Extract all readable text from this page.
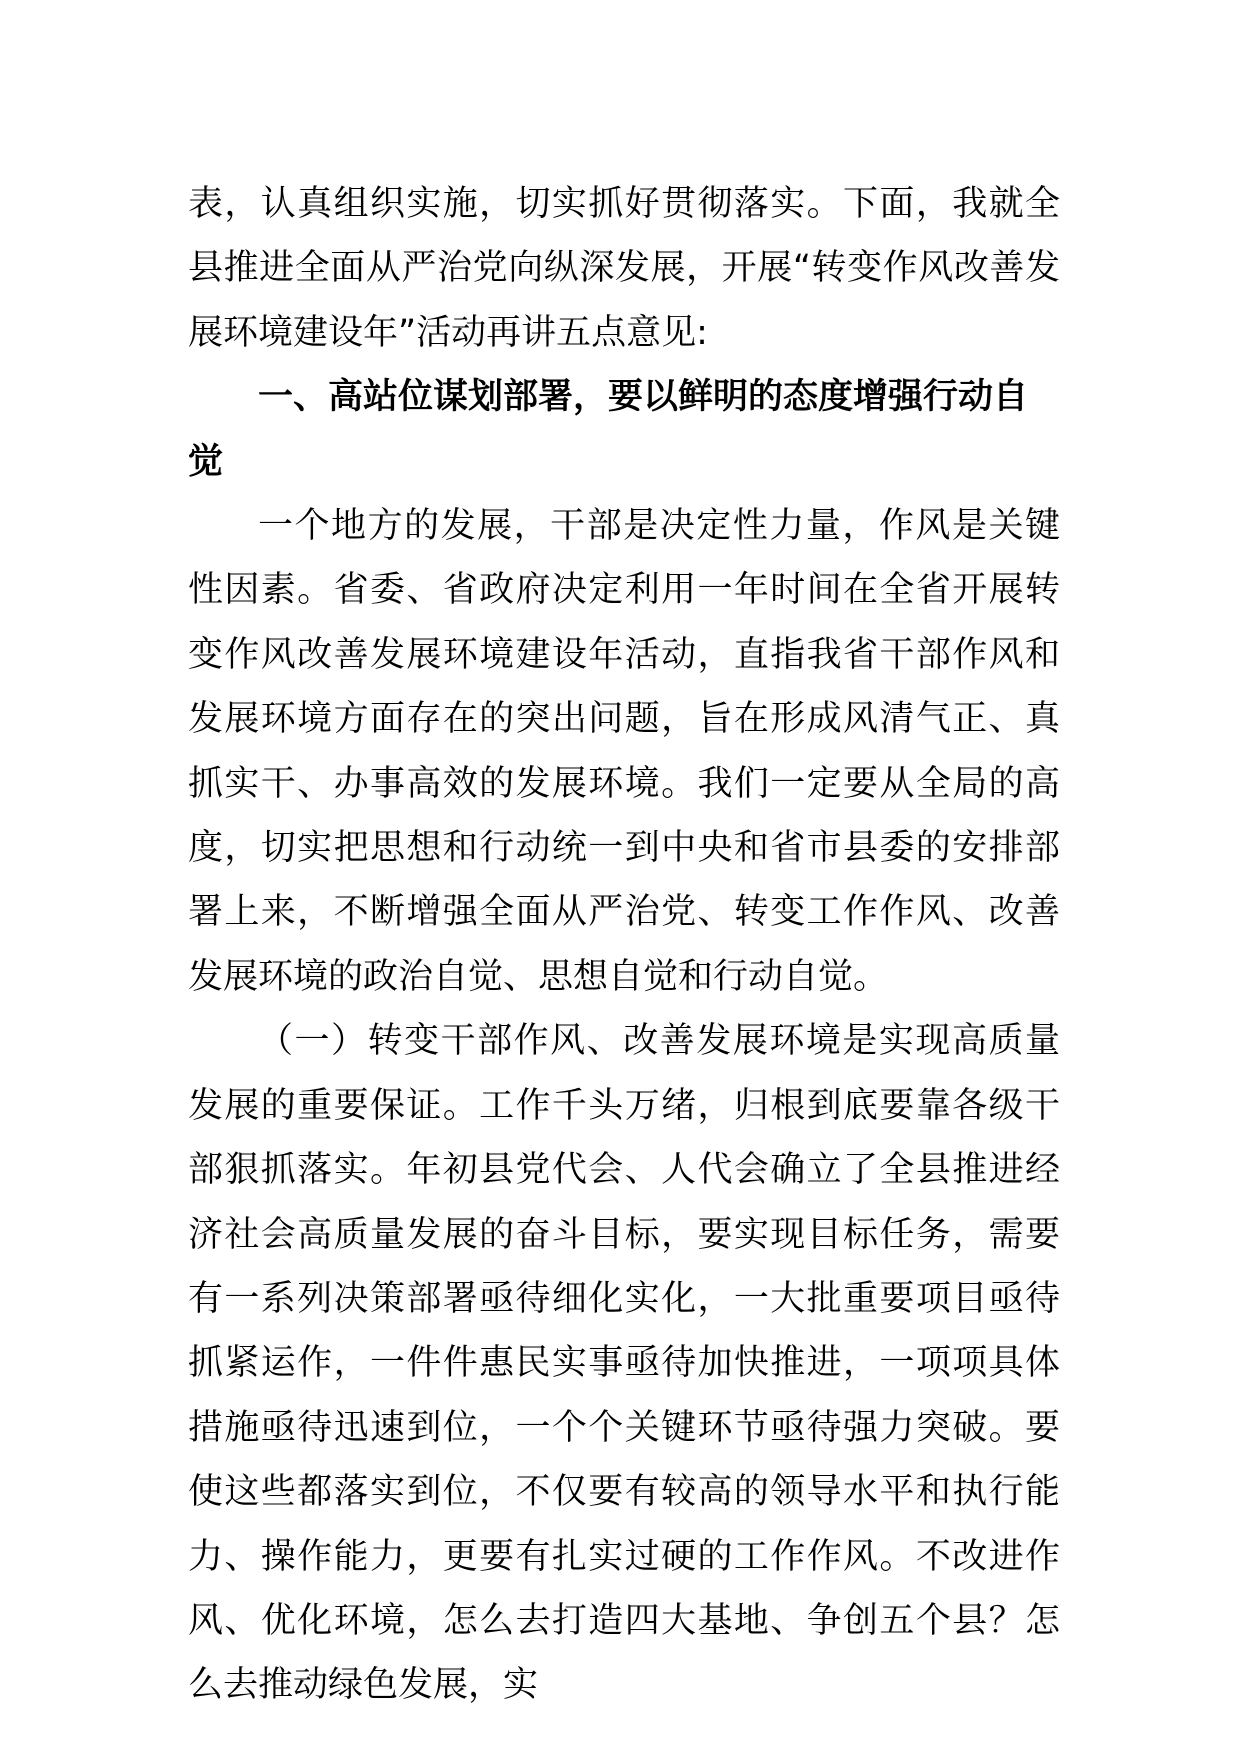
表，认真组织实施，切实抓好贯彻落实。下面，我就全县推进全面从严治党向纵深发展，开展“转变作风改善发展环境建设年”活动再讲五点意见:

一、高站位谋划部署，要以鲜明的态度增强行动自觉

一个地方的发展，干部是决定性力量，作风是关键性因素。省委、省政府决定利用一年时间在全省开展转变作风改善发展环境建设年活动，直指我省干部作风和发展环境方面存在的突出问题，旨在形成风清气正、真抓实干、办事高效的发展环境。我们一定要从全局的高度，切实把思想和行动统一到中央和省市县委的安排部署上来，不断增强全面从严治党、转变工作作风、改善发展环境的政治自觉、思想自觉和行动自觉。

（一）转变干部作风、改善发展环境是实现高质量发展的重要保证。工作千头万绪，归根到底要靠各级干部狠抓落实。年初县党代会、人代会确立了全县推进经济社会高质量发展的奋斗目标，要实现目标任务，需要有一系列决策部署亟待细化实化，一大批重要项目亟待抓紧运作，一件件惠民实事亟待加快推进，一项项具体措施亟待迅速到位，一个个关键环节亟待强力突破。要使这些都落实到位，不仅要有较高的领导水平和执行能力、操作能力，更要有扎实过硬的工作作风。不改进作风、优化环境，怎么去打造四大基地、争创五个县？怎么去推动绿色发展，实
